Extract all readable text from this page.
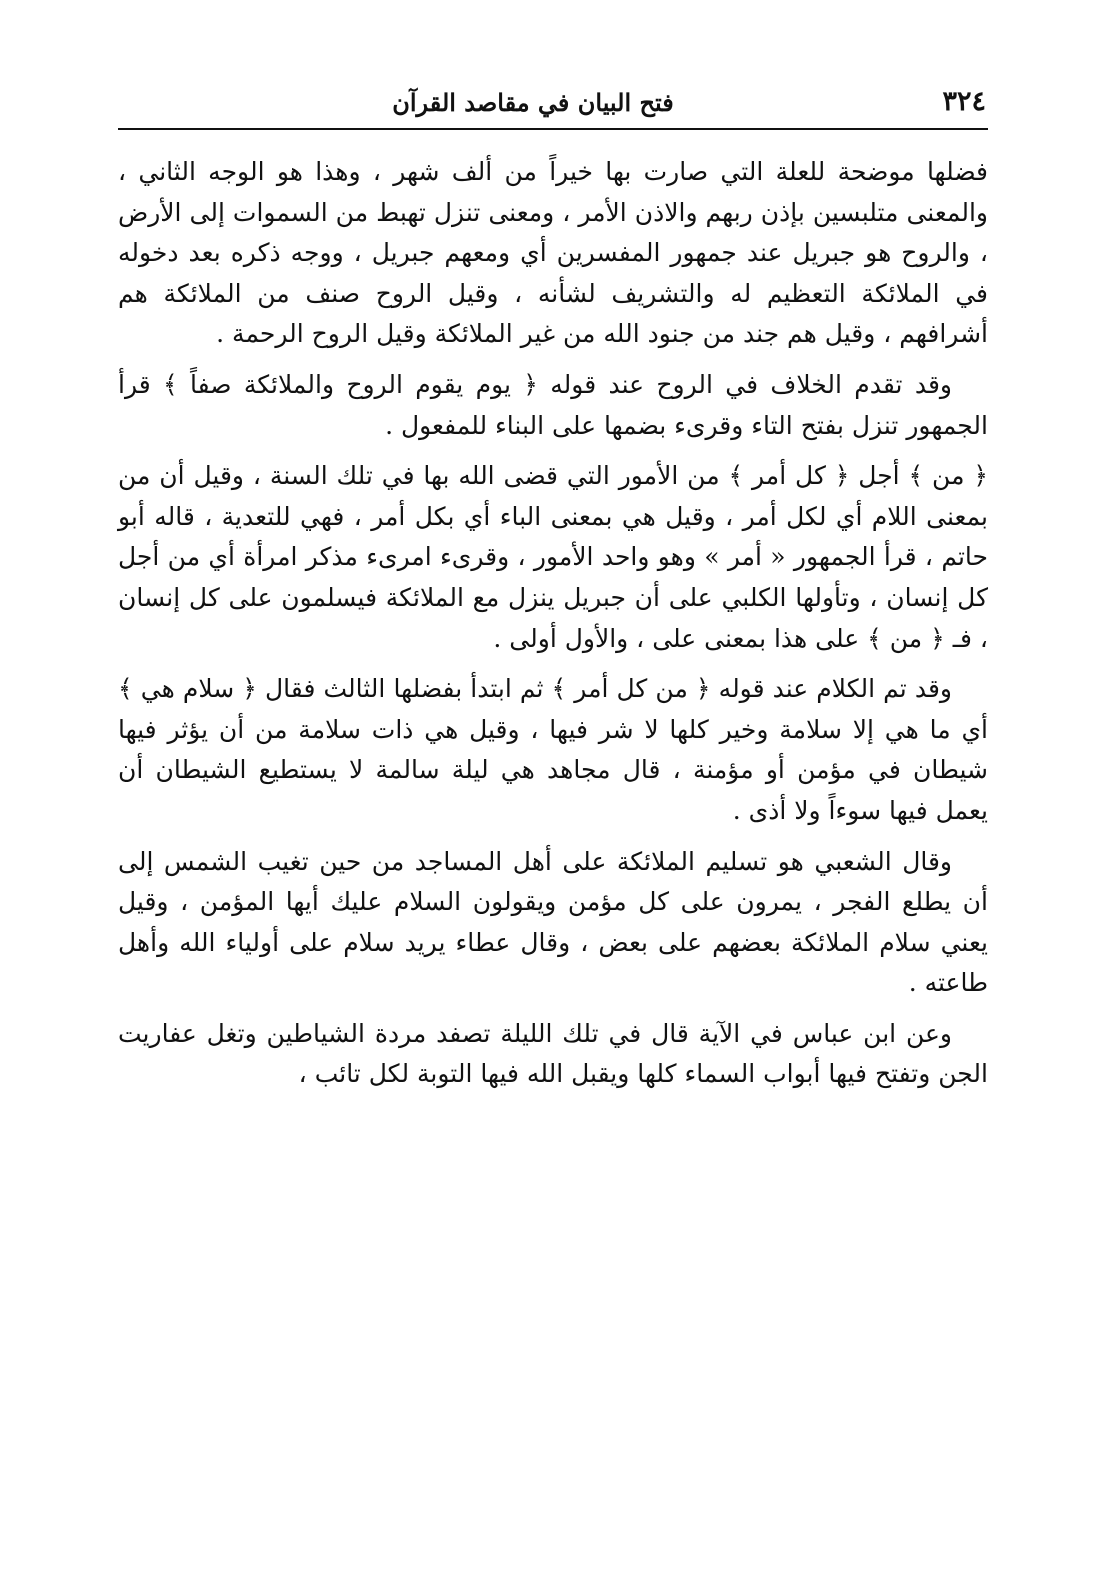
٣٢٤
فتح البيان في مقاصد القرآن

فضلها موضحة للعلة التي صارت بها خيراً من ألف شهر ، وهذا هو الوجه الثاني ، والمعنى متلبسين بإذن ربهم والاذن الأمر ، ومعنى تنزل تهبط من السموات إلى الأرض ، والروح هو جبريل عند جمهور المفسرين أي ومعهم جبريل ، ووجه ذكره بعد دخوله في الملائكة التعظيم له والتشريف لشأنه ، وقيل الروح صنف من الملائكة هم أشرافهم ، وقيل هم جند من جنود الله من غير الملائكة وقيل الروح الرحمة .

وقد تقدم الخلاف في الروح عند قوله ﴿ يوم يقوم الروح والملائكة صفاً ﴾ قرأ الجمهور تنزل بفتح التاء وقرىء بضمها على البناء للمفعول .

﴿ من ﴾ أجل ﴿ كل أمر ﴾ من الأمور التي قضى الله بها في تلك السنة ، وقيل أن من بمعنى اللام أي لكل أمر ، وقيل هي بمعنى الباء أي بكل أمر ، فهي للتعدية ، قاله أبو حاتم ، قرأ الجمهور « أمر » وهو واحد الأمور ، وقرىء امرىء مذكر امرأة أي من أجل كل إنسان ، وتأولها الكلبي على أن جبريل ينزل مع الملائكة فيسلمون على كل إنسان ، فـ ﴿ من ﴾ على هذا بمعنى على ، والأول أولى .

وقد تم الكلام عند قوله ﴿ من كل أمر ﴾ ثم ابتدأ بفضلها الثالث فقال ﴿ سلام هي ﴾ أي ما هي إلا سلامة وخير كلها لا شر فيها ، وقيل هي ذات سلامة من أن يؤثر فيها شيطان في مؤمن أو مؤمنة ، قال مجاهد هي ليلة سالمة لا يستطيع الشيطان أن يعمل فيها سوءاً ولا أذى .

وقال الشعبي هو تسليم الملائكة على أهل المساجد من حين تغيب الشمس إلى أن يطلع الفجر ، يمرون على كل مؤمن ويقولون السلام عليك أيها المؤمن ، وقيل يعني سلام الملائكة بعضهم على بعض ، وقال عطاء يريد سلام على أولياء الله وأهل طاعته .

وعن ابن عباس في الآية قال في تلك الليلة تصفد مردة الشياطين وتغل عفاريت الجن وتفتح فيها أبواب السماء كلها ويقبل الله فيها التوبة لكل تائب ،
